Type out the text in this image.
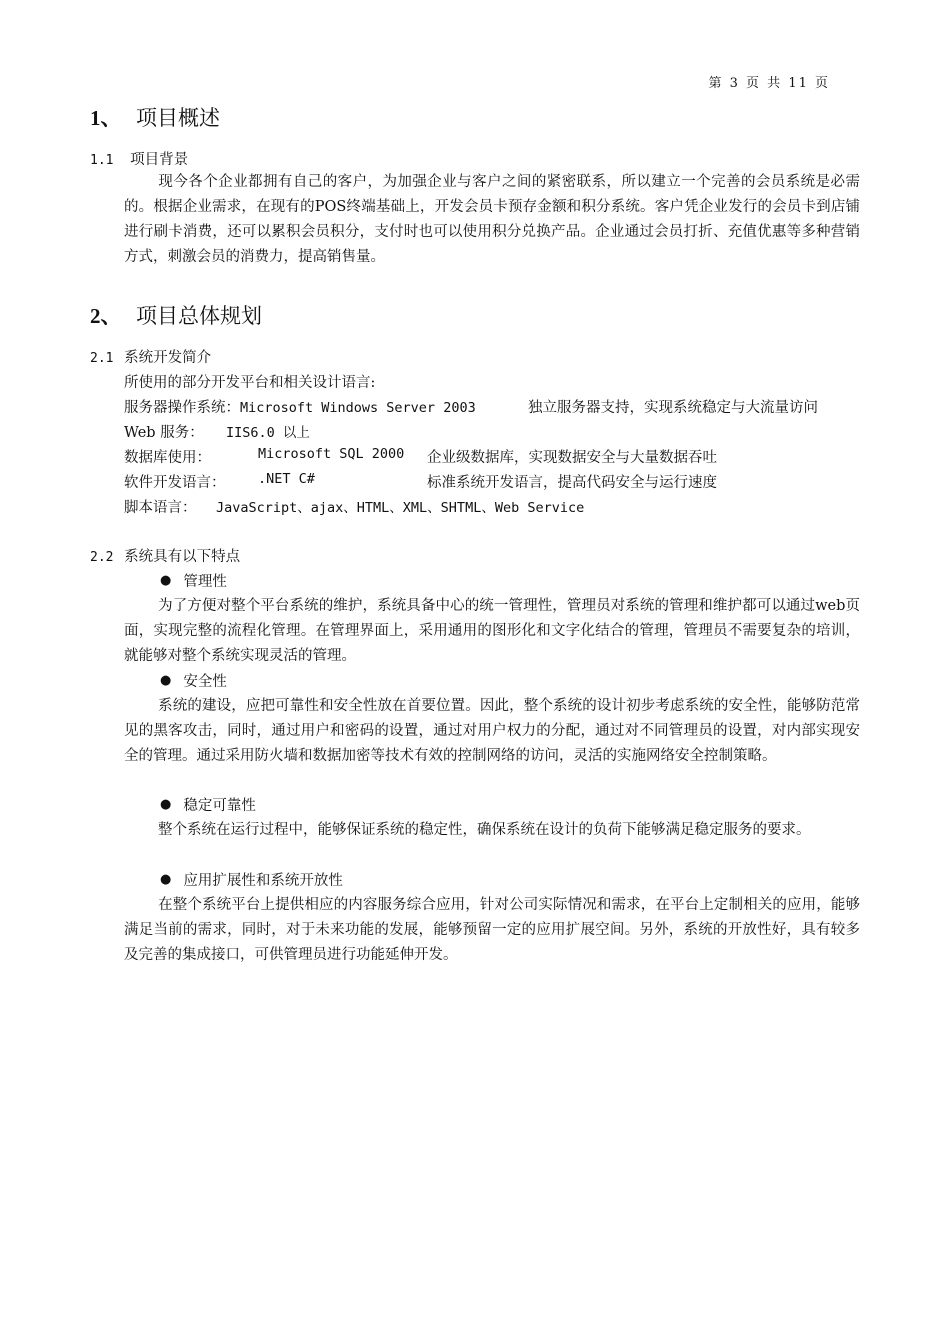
第 3 页 共 11 页
1、 项目概述
1.1 项目背景
现今各个企业都拥有自己的客户，为加强企业与客户之间的紧密联系，所以建立一个完善的会员系统是必需的。根据企业需求，在现有的POS终端基础上，开发会员卡预存金额和积分系统。客户凭企业发行的会员卡到店铺进行刷卡消费，还可以累积会员积分，支付时也可以使用积分兑换产品。企业通过会员打折、充值优惠等多种营销方式，刺激会员的消费力，提高销售量。
2、 项目总体规划
2.1 系统开发简介
所使用的部分开发平台和相关设计语言:
服务器操作系统：Microsoft Windows Server 2003	独立服务器支持，实现系统稳定与大流量访问
Web 服务： IIS6.0 以上
数据库使用：	Microsoft SQL 2000 企业级数据库，实现数据安全与大量数据吞吐
软件开发语言： .NET C#	标准系统开发语言，提高代码安全与运行速度
脚本语言： JavaScript、ajax、HTML、XML、SHTML、Web Service
2.2 系统具有以下特点
● 管理性
为了方便对整个平台系统的维护，系统具备中心的统一管理性，管理员对系统的管理和维护都可以通过web页面，实现完整的流程化管理。在管理界面上，采用通用的图形化和文字化结合的管理，管理员不需要复杂的培训，就能够对整个系统实现灵活的管理。
● 安全性
系统的建设，应把可靠性和安全性放在首要位置。因此，整个系统的设计初步考虑系统的安全性，能够防范常见的黑客攻击，同时，通过用户和密码的设置，通过对用户权力的分配，通过对不同管理员的设置，对内部实现安全的管理。通过采用防火墙和数据加密等技术有效的控制网络的访问，灵活的实施网络安全控制策略。
● 稳定可靠性
整个系统在运行过程中，能够保证系统的稳定性，确保系统在设计的负荷下能够满足稳定服务的要求。
● 应用扩展性和系统开放性
在整个系统平台上提供相应的内容服务综合应用，针对公司实际情况和需求，在平台上定制相关的应用，能够满足当前的需求，同时，对于未来功能的发展，能够预留一定的应用扩展空间。另外，系统的开放性好，具有较多及完善的集成接口，可供管理员进行功能延伸开发。
